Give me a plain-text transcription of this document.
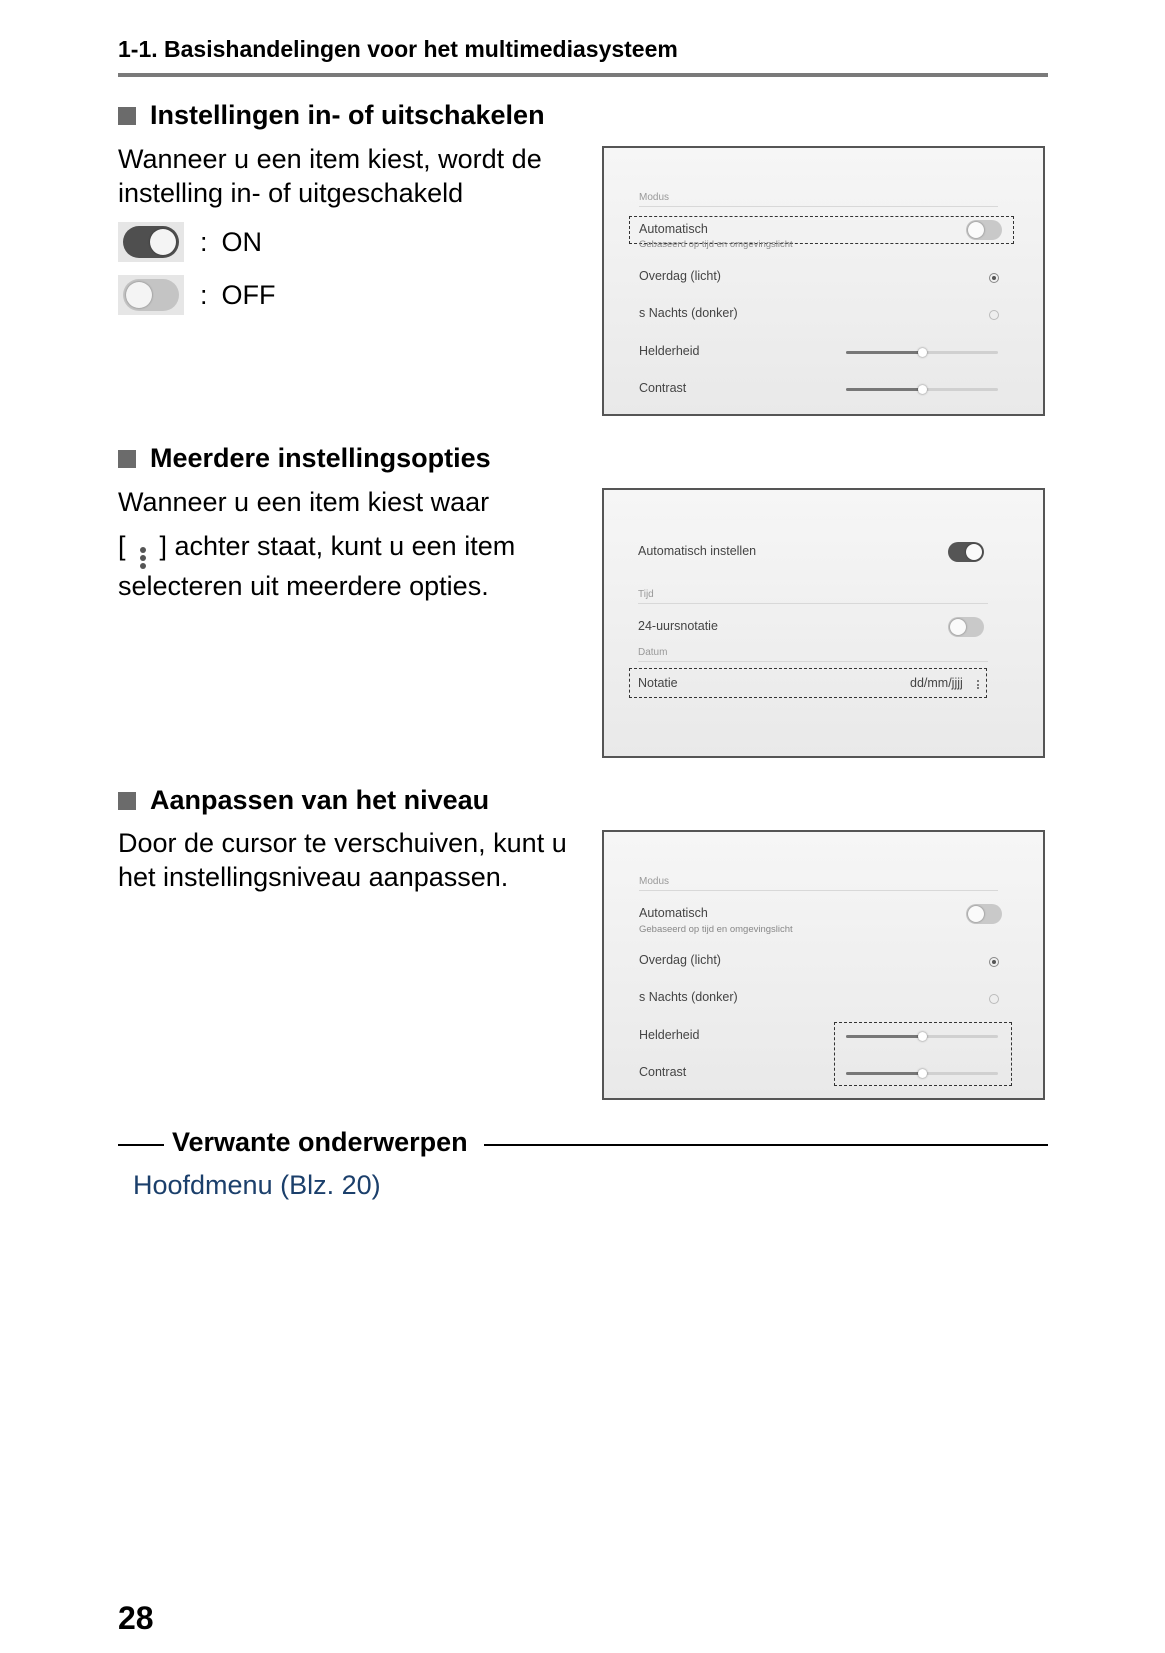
1-1. Basishandelingen voor het multimediasysteem
Instellingen in- of uitschakelen
Wanneer u een item kiest, wordt de
instelling in- of uitgeschakeld
: ON
: OFF
Modus
Automatisch
Gebaseerd op tijd en omgevingslicht
Overdag (licht)
s Nachts (donker)
Helderheid
Contrast
Meerdere instellingsopties
Wanneer u een item kiest waar
[ ] achter staat, kunt u een item
selecteren uit meerdere opties.
Automatisch instellen
Tijd
24-uursnotatie
Datum
Notatie	dd/mm/jjjj
Aanpassen van het niveau
Door de cursor te verschuiven, kunt u
het instellingsniveau aanpassen.	Modus
Automatisch
Gebaseerd op tijd en omgevingslicht
Overdag (licht)
s Nachts (donker)
Helderheid
Contrast
Verwante onderwerpen
Hoofdmenu (Blz. 20)
28
